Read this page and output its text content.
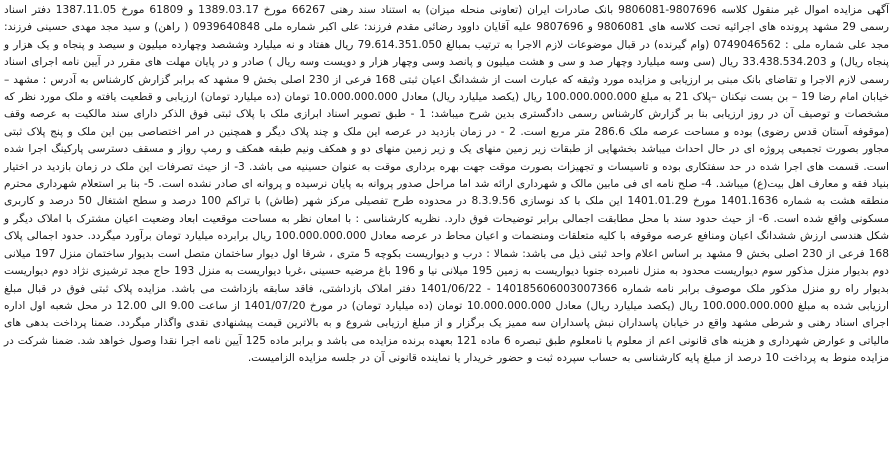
آگهی مزایده اموال غیر منقول کلاسه 9807696-9806081 بانک صادرات ایران (تعاونی منحله میزان) به استناد سند رهنی 66267 مورخ 1389.03.17 و 61809 مورخ 1387.11.05 دفتر اسناد رسمی 29 مشهد پرونده های اجرائیه تحت کلاسه های 9806081 و 9807696 علیه آقایان داوود رضائی مقدم فرزند: علی اکبر شماره ملی 0939640848 ( راهن) و سید مجد مهدی حسینی فرزند: مجد علی شماره ملی : 0749046562 (وام گیرنده) در قبال موضوعات لازم الاجرا به ترتیب بمبالغ 79.614.351.050 ریال هفتاد و نه میلیارد وششصد وچهارده میلیون و سیصد و پنجاه و یک هزار و پنجاه ریال) و 33.438.534.203 ریال (سی وسه میلیارد وچهار صد و سی و هشت میلیون و پانصد وسی وچهار هزار و دویست وسه ریال ) صادر و در پایان مهلت های مقرر در آیین نامه اجرای اسناد رسمی لازم الاجرا و تقاضای بانک مبنی بر ارزیابی و مزایده مورد وثیقه که عبارت است از ششدانگ اعیان ثبتی 168 فرعی از 230 اصلی بخش 9 مشهد که برابر گزارش کارشناس به آدرس : مشهد – خیابان امام رضا 19 – بن بست نیکنان –پلاک 21 به مبلغ 100.000.000.000 ریال (یکصد میلیارد ریال) معادل 10.000.000.000 تومان (ده میلیارد تومان) ارزیابی و قطعیت یافته و ملک مورد نظر که مشخصات و توصیف آن در روز ارزیابی بنا بر گزارش کارشناس رسمی دادگستری بدین شرح میباشد: 1 - طبق تصویر اسناد ابرازی ملک با پلاک ثبتی فوق الذکر دارای سند مالکیت به عرصه وقف (موقوفه آستان قدس رضوی) بوده و مساحت عرصه ملک 286.6 متر مربع است. 2 - در زمان بازدید در عرصه این ملک و چند پلاک دیگر و همچنین در امر اختصاصی بین این ملک و پنج پلاک ثبتی مجاور بصورت تجمیعی پروژه ای در حال احداث میباشد بخشهایی از طبقات زیر زمین منهای یک و زیر زمین منهای دو و همکف ونیم طبقه همکف و رمپ رواز و مسقف دسترسی پارکینگ اجرا شده است. قسمت های اجرا شده در حد سفتکاری بوده و تاسیسات و تجهیزات بصورت موقت جهت بهره برداری موقت به عنوان حسینیه می باشد. 3- از حیث تصرفات این ملک در زمان بازدید در اختیار بنیاد فقه و معارف اهل بیت(ع) میباشد. 4- صلح نامه ای فی مابین مالک و شهرداری ارائه شد اما مراحل صدور پروانه به پایان نرسیده و پروانه ای صادر نشده است. 5- بنا بر استعلام شهرداری محترم منطقه هشت به شماره 1401.1636 مورخ 1401.01.29 این ملک با کد نوسازی 8.3.9.56 در محدوده طرح تفصیلی مرکز شهر (طاش) با تراکم 100 درصد و سطح اشتغال 50 درصد و کاربری مسکونی واقع شده است. 6- از حیث حدود سند با محل مطابقت اجمالی برابر توضیحات فوق دارد. نظریه کارشناسی : با امعان نظر به مساحت موقعیت ابعاد وضعیت اعیان مشترک با املاک دیگر و شکل هندسی ارزش ششدانگ اعیان ومنافع عرصه موقوفه با کلیه متعلقات ومنضمات و اعیان محاط در عرصه معادل 100.000.000.000 ریال برابرده میلیارد تومان برآورد میگردد. حدود اجمالی پلاک 168 فرعی از 230 اصلی بخش 9 مشهد بر اساس اعلام واحد ثبتی ذیل می باشد: شمالا : درب و دیواریست بکوچه 5 متری ، شرقا اول دیوار ساختمان متصل است بدیوار ساختمان منزل 197 میلانی دوم بدیوار منزل مذکور سوم دیواریست محدود به منزل نامبرده جنوبا دیواریست به زمین 195 میلانی نیا و 196 باغ مرضیه حسینی ،غربا دیواریست به منزل 193 حاج مجد ترشیزی نژاد دوم دیواریست بدیوار راه رو منزل مذکور ملک موصوف برابر نامه شماره 140185606003007366 - 1401/06/22 دفتر املاک بازداشتی، فاقد سابقه بازداشت می باشد. مزایده پلاک ثبتی فوق در قبال مبلغ ارزیابی شده به مبلغ 100.000.000.000 ریال (یکصد میلیارد ریال) معادل 10.000.000.000 تومان (ده میلیارد تومان) در مورخ 1401/07/20 از ساعت 9.00 الی 12.00 در محل شعبه اول اداره اجرای اسناد رهنی و شرطی مشهد واقع در خیابان پاسداران نبش پاسداران سه ممیز یک برگزار و از مبلغ ارزیابی شروع و به بالاترین قیمت پیشنهادی نقدی واگذار میگردد. ضمنا پرداخت بدهی های مالیاتی و عوارض شهرداری و هزینه های قانونی اعم از معلوم یا نامعلوم طبق تبصره 6 ماده 121 بعهده برنده مزایده می باشد و برابر ماده 125 آیین نامه اجرا نقدا وصول خواهد شد. ضمنا شرکت در مزایده منوط به پرداخت 10 درصد از مبلغ پایه کارشناسی به حساب سپرده ثبت و حضور خریدار یا نماینده قانونی آن در جلسه مزایده الزامیست.
